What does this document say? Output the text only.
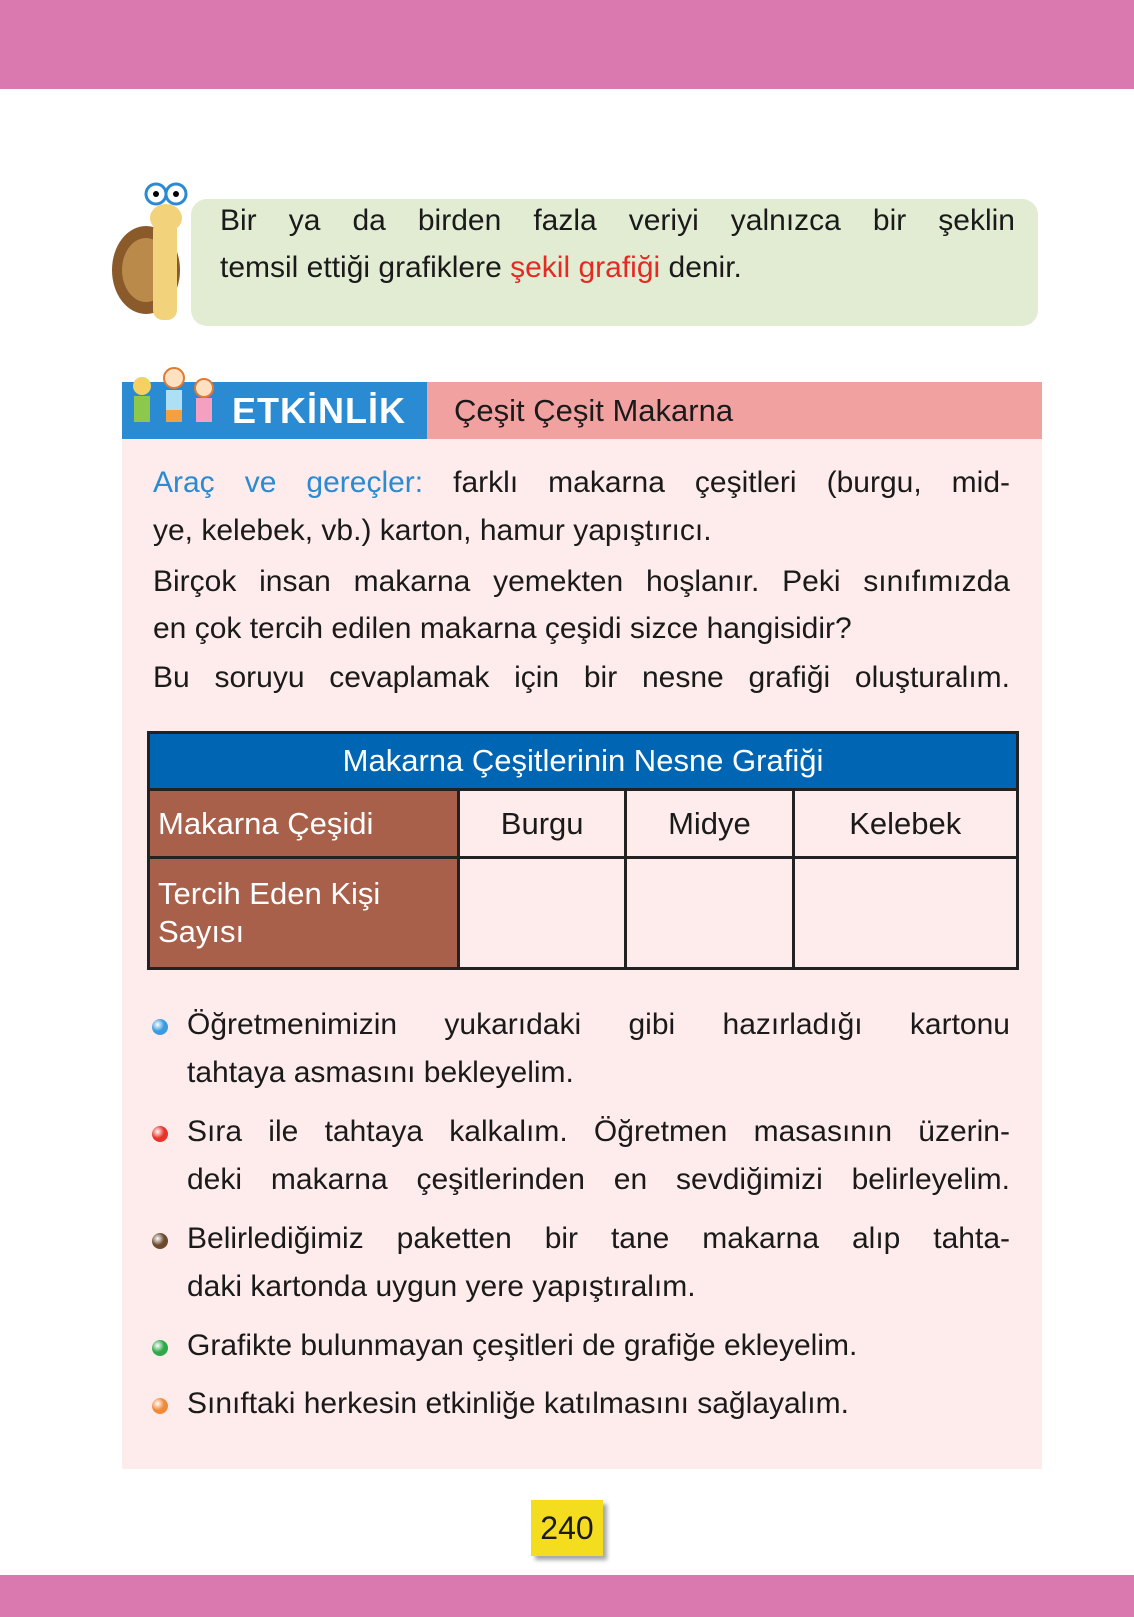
Bir ya da birden fazla veriyi yalnızca bir şeklin
temsil ettiği grafiklere şekil grafiği denir.
ETKİNLİK Çeşit Çeşit Makarna
Araç ve gereçler: farklı makarna çeşitleri (burgu, mid-
ye, kelebek, vb.) karton, hamur yapıştırıcı.
Birçok insan makarna yemekten hoşlanır. Peki sınıfımızda
en çok tercih edilen makarna çeşidi sizce hangisidir?
Bu soruyu cevaplamak için bir nesne grafiği oluşturalım.
Makarna Çeşitlerinin Nesne Grafiği			
Makarna Çeşidi	Burgu	Midye	Kelebek

Tercih Eden Kişi
Sayısı			

Öğretmenimizin yukarıdaki gibi hazırladığı kartonu
tahtaya asmasını bekleyelim.
Sıra ile tahtaya kalkalım. Öğretmen masasının üzerin-
deki makarna çeşitlerinden en sevdiğimizi belirleyelim.
Belirlediğimiz paketten bir tane makarna alıp tahta-
daki kartonda uygun yere yapıştıralım.
Grafikte bulunmayan çeşitleri de grafiğe ekleyelim.
Sınıftaki herkesin etkinliğe katılmasını sağlayalım.
240
